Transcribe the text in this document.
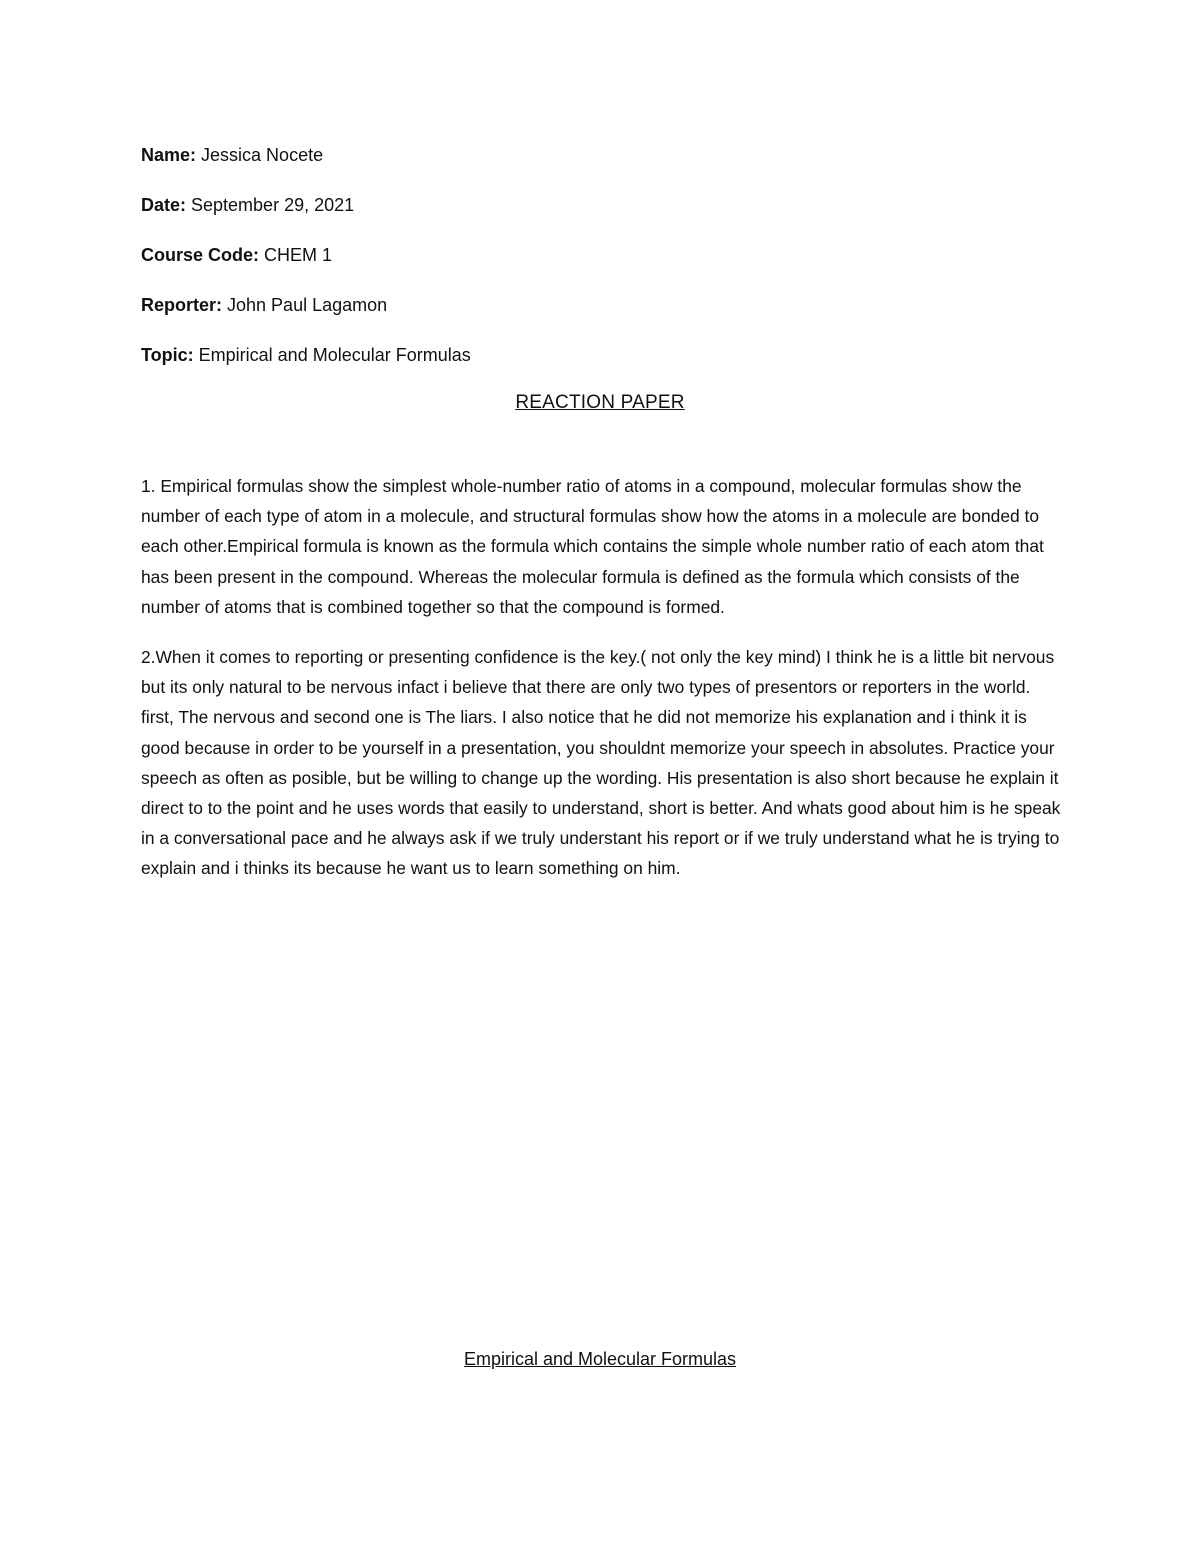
Name: Jessica Nocete
Date: September 29, 2021
Course Code: CHEM 1
Reporter: John Paul Lagamon
Topic: Empirical and Molecular Formulas
REACTION PAPER

1. Empirical formulas show the simplest whole-number ratio of atoms in a compound, molecular formulas show the number of each type of atom in a molecule, and structural formulas show how the atoms in a molecule are bonded to each other.Empirical formula is known as the formula which contains the simple whole number ratio of each atom that has been present in the compound. Whereas the molecular formula is defined as the formula which consists of the number of atoms that is combined together so that the compound is formed.

2.When it comes to reporting or presenting confidence is the key.( not only the key mind) I think he is a little bit nervous but its only natural to be nervous infact i believe that there are only two types of presentors or reporters in the world. first, The nervous and second one is The liars. I also notice that he did not memorize his explanation and i think it is good because in order to be yourself in a presentation, you shouldnt memorize your speech in absolutes. Practice your speech as often as posible, but be willing to change up the wording. His presentation is also short because he explain it direct to to the point and he uses words that easily to understand, short is better. And whats good about him is he speak in a conversational pace and he always ask if we truly understant his report or if we truly understand what he is trying to explain and i thinks its because he want us to learn something on him.

Empirical and Molecular Formulas
